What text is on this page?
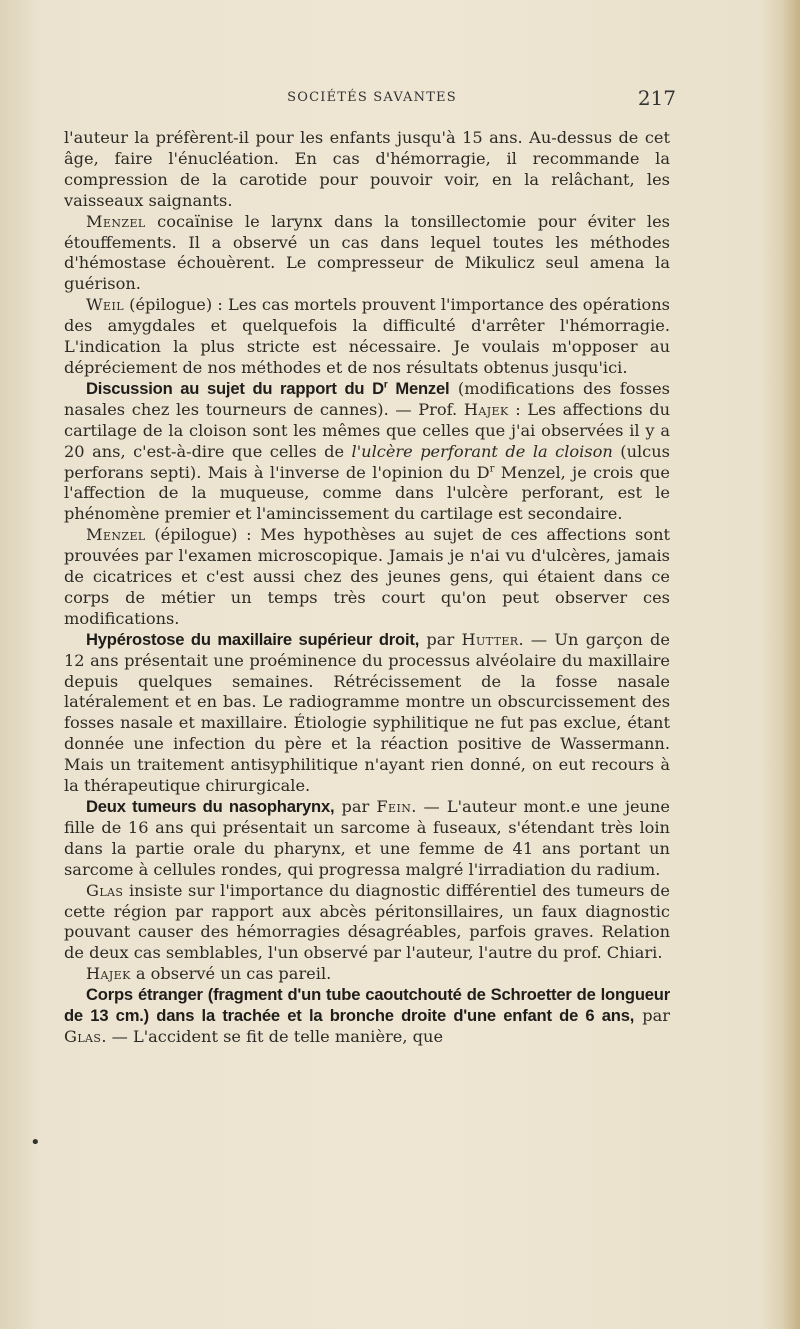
SOCIÉTÉS SAVANTES	217
•

l'auteur la préfèrent-il pour les enfants jusqu'à 15 ans. Au-dessus de cet âge, faire l'énucléation. En cas d'hémorragie, il recommande la compression de la carotide pour pouvoir voir, en la relâchant, les vaisseaux saignants.

Menzel cocaïnise le larynx dans la tonsillectomie pour éviter les étouffements. Il a observé un cas dans lequel toutes les méthodes d'hémostase échouèrent. Le compresseur de Mikulicz seul amena la guérison.

Weil (épilogue) : Les cas mortels prouvent l'importance des opérations des amygdales et quelquefois la difficulté d'arrêter l'hémorragie. L'indication la plus stricte est nécessaire. Je voulais m'opposer au dépréciement de nos méthodes et de nos résultats obtenus jusqu'ici.

Discussion au sujet du rapport du $D^r$ Menzel (modifications des fosses nasales chez les tourneurs de cannes). — Prof. Hajek : Les affections du cartilage de la cloison sont les mêmes que celles que j'ai observées il y a 20 ans, c'est-à-dire que celles de l'ulcère perforant de la cloison (ulcus perforans septi). Mais à l'inverse de l'opinion du $D^r$ Menzel, je crois que l'affection de la muqueuse, comme dans l'ulcère perforant, est le phénomène premier et l'amincissement du cartilage est secondaire.

Menzel (épilogue) : Mes hypothèses au sujet de ces affections sont prouvées par l'examen microscopique. Jamais je n'ai vu d'ulcères, jamais de cicatrices et c'est aussi chez des jeunes gens, qui étaient dans ce corps de métier un temps très court qu'on peut observer ces modifications.

Hypérostose du maxillaire supérieur droit, par Hutter. — Un garçon de 12 ans présentait une proéminence du processus alvéolaire du maxillaire depuis quelques semaines. Rétrécissement de la fosse nasale latéralement et en bas. Le radiogramme montre un obscurcissement des fosses nasale et maxillaire. Étiologie syphilitique ne fut pas exclue, étant donnée une infection du père et la réaction positive de Wassermann. Mais un traitement antisyphilitique n'ayant rien donné, on eut recours à la thérapeutique chirurgicale.

Deux tumeurs du nasopharynx, par Fein. — L'auteur mont.e une jeune fille de 16 ans qui présentait un sarcome à fuseaux, s'étendant très loin dans la partie orale du pharynx, et une femme de 41 ans portant un sarcome à cellules rondes, qui progressa malgré l'irradiation du radium.

Glas insiste sur l'importance du diagnostic différentiel des tumeurs de cette région par rapport aux abcès péritonsillaires, un faux diagnostic pouvant causer des hémorragies désagréables, parfois graves. Relation de deux cas semblables, l'un observé par l'auteur, l'autre du prof. Chiari.

Hajek a observé un cas pareil.

Corps étranger (fragment d'un tube caoutchouté de Schroetter de longueur de 13 cm.) dans la trachée et la bronche droite d'une enfant de 6 ans, par Glas. — L'accident se fit de telle manière, que
